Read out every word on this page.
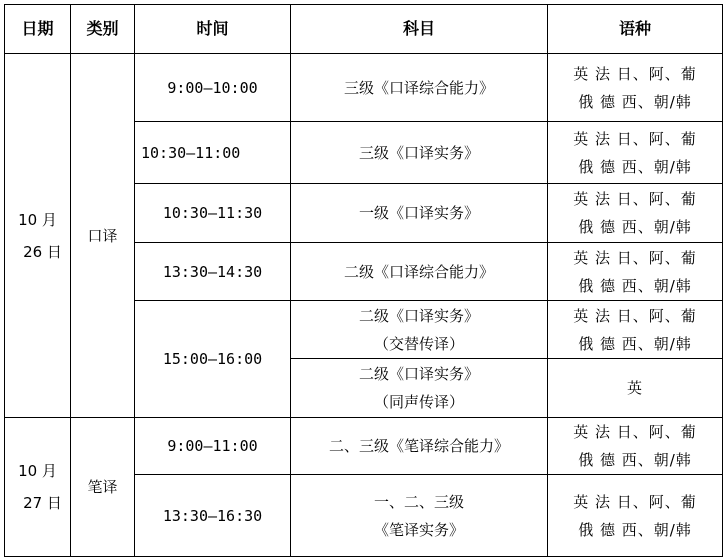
日期	类别	时间	科目	语种

10 月
26 日	口译	9:00—10:00	三级《口译综合能力》	英 法 日、阿、葡
俄 德 西、朝/韩

		10:30—11:00	三级《口译实务》	英 法 日、阿、葡
俄 德 西、朝/韩

		10:30—11:30	一级《口译实务》	英 法 日、阿、葡
俄 德 西、朝/韩

		13:30—14:30	二级《口译综合能力》	英 法 日、阿、葡
俄 德 西、朝/韩

		15:00—16:00	二级《口译实务》
（交替传译）	英 法 日、阿、葡
俄 德 西、朝/韩

			二级《口译实务》
（同声传译）	英

10 月
27 日	笔译	9:00—11:00	二、三级《笔译综合能力》	英 法 日、阿、葡
俄 德 西、朝/韩

		13:30—16:30	一、二、三级
《笔译实务》	英 法 日、阿、葡
俄 德 西、朝/韩
